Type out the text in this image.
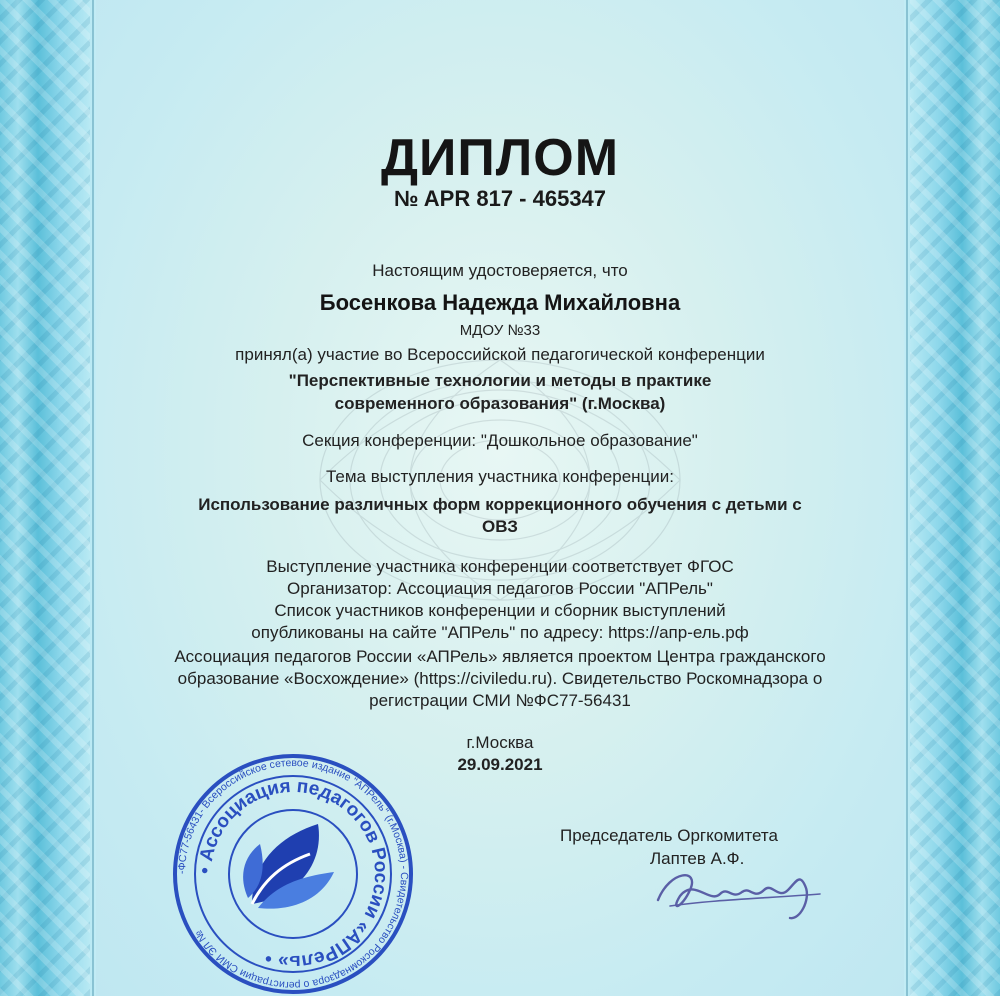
ДИПЛОМ
№ APR 817 - 465347
Настоящим удостоверяется, что
Босенкова Надежда Михайловна
МДОУ №33
принял(а) участие во Всероссийской педагогической конференции
"Перспективные технологии и методы в практике
современного образования" (г.Москва)
Секция конференции: "Дошкольное образование"
Тема выступления участника конференции:
Использование различных форм коррекционного обучения с детьми с
ОВЗ
Выступление участника конференции соответствует ФГОС
Организатор: Ассоциация педагогов России "АПРель"
Список участников конференции и сборник выступлений
опубликованы на сайте "АПРель" по адресу: https://апр-ель.рф
Ассоциация педагогов России «АПРель» является проектом Центра гражданского
образование «Восхождение» (https://civiledu.ru). Свидетельство Роскомнадзора о
регистрации СМИ №ФС77-56431
г.Москва
29.09.2021
Председатель Оргкомитета
Лаптев А.Ф.
-ФС77-56431- Всероссийское сетевое издание "АПРель" (г.Москва) - Свидетельство Роскомнадзора о регистрации СМИ ЭЛ №
• Ассоциация педагогов России «АПРель» •
